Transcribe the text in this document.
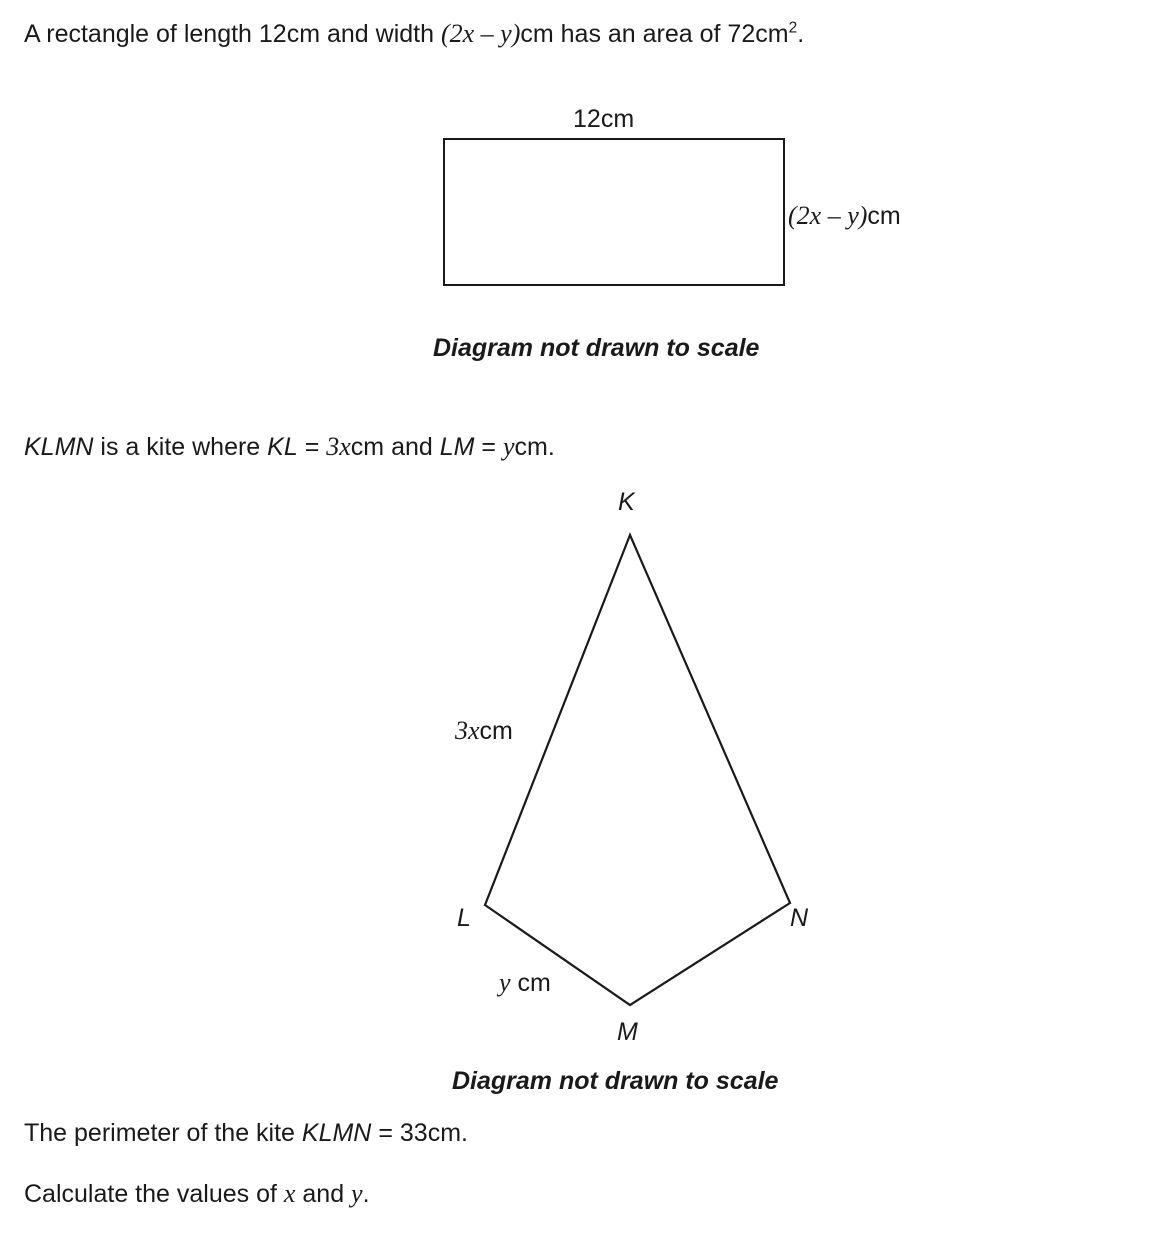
A rectangle of length 12cm and width (2x – y)cm has an area of $72cm^2$.
12cm
(2x – y)cm
Diagram not drawn to scale
KLMN is a kite where KL = 3xcm and LM = ycm.
K
L	N
M
3xcm
y cm
Diagram not drawn to scale
The perimeter of the kite KLMN = 33cm.
Calculate the values of x and y.
